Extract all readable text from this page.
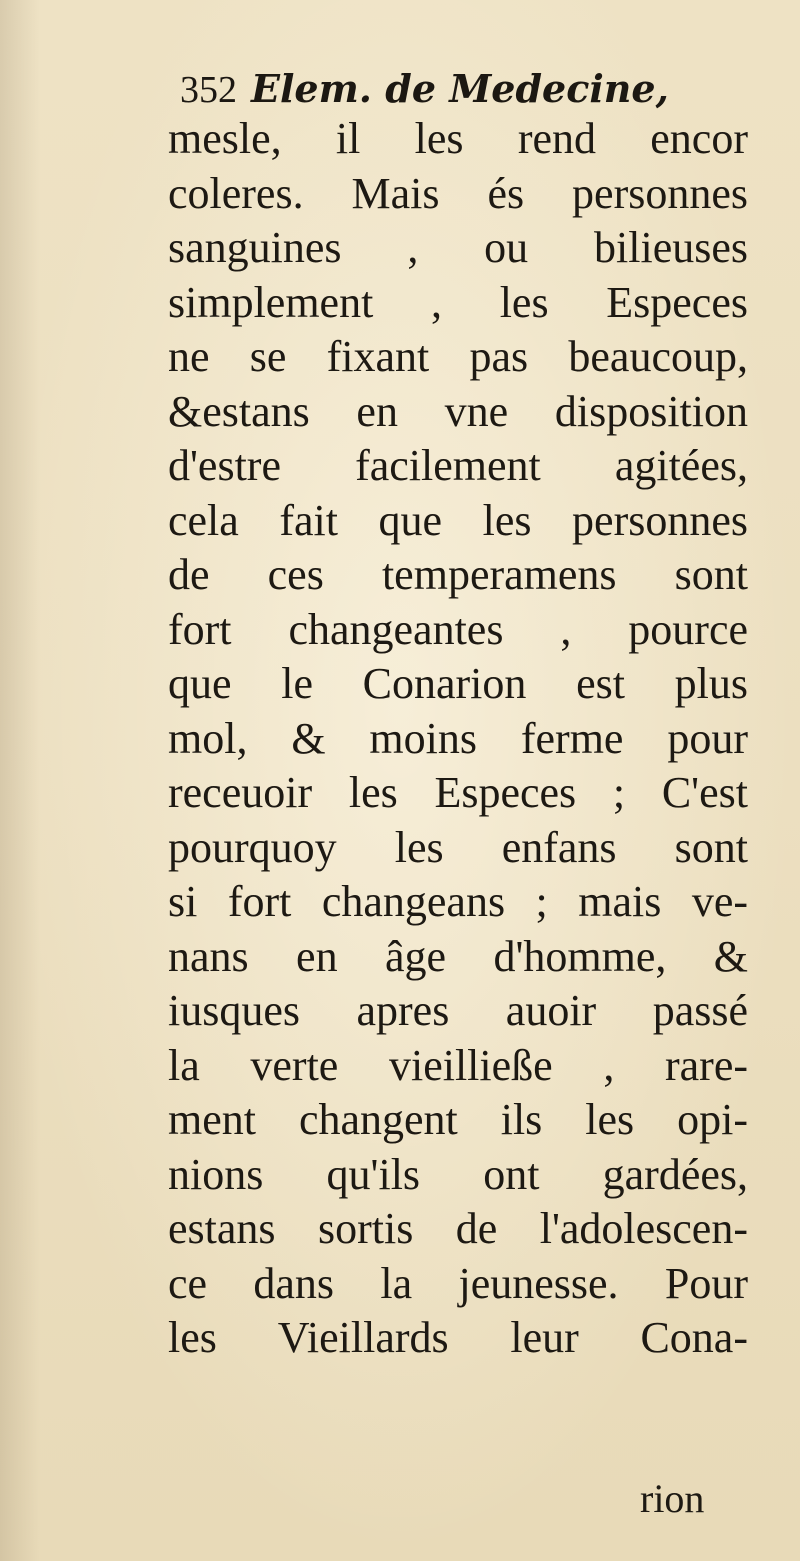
352 Elem. de Medecine,
mesle, il les rend encor
coleres. Mais és personnes
sanguines , ou bilieuses
simplement , les Especes
ne se fixant pas beaucoup,
&estans en vne disposition
d'estre facilement agitées,
cela fait que les personnes
de ces temperamens sont
fort changeantes , pource
que le Conarion est plus
mol, & moins ferme pour
receuoir les Especes ; C'est
pourquoy les enfans sont
si fort changeans ; mais ve-
nans en âge d'homme, &
iusques apres auoir passé
la verte vieilließe , rare-
ment changent ils les opi-
nions qu'ils ont gardées,
estans sortis de l'adolescen-
ce dans la jeunesse. Pour
les Vieillards leur Cona-
rion
